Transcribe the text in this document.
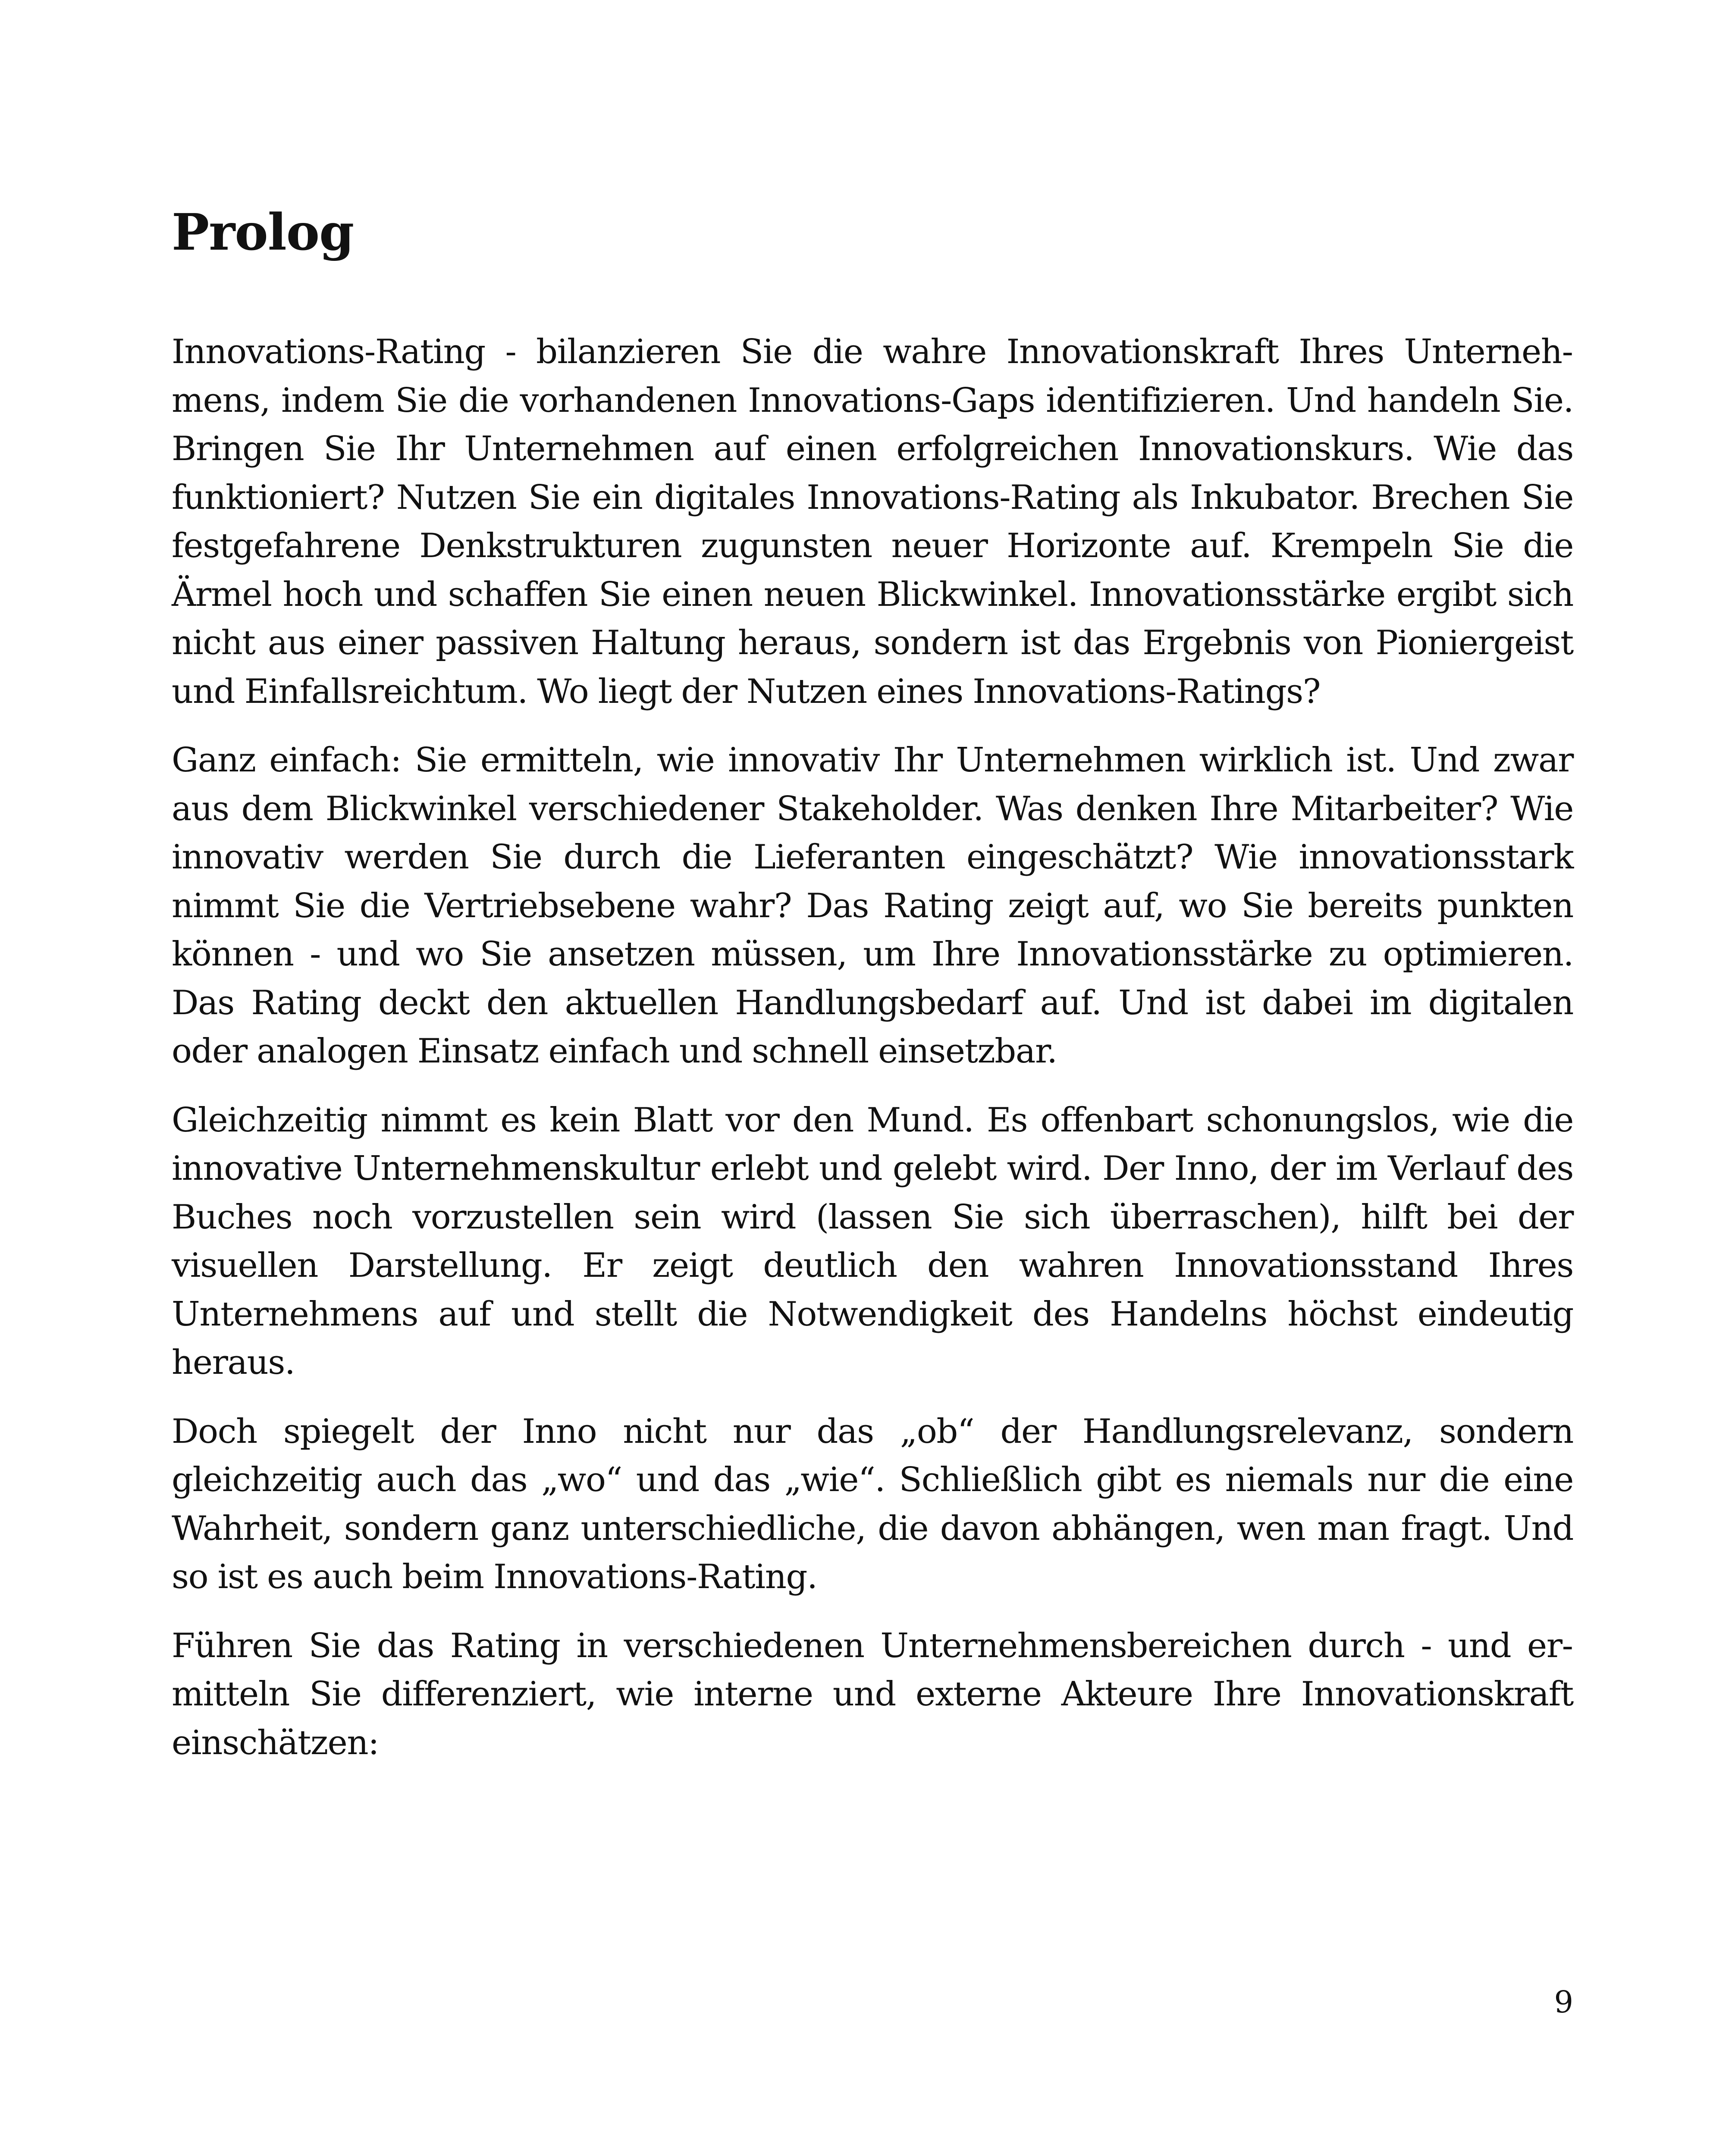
Prolog

Innovations-Rating - bilanzieren Sie die wahre Innovationskraft Ihres Unternehmens, indem Sie die vorhandenen Innovations-Gaps identifizieren. Und handeln Sie. Bringen Sie Ihr Unternehmen auf einen erfolgreichen Innovationskurs. Wie das funktioniert? Nutzen Sie ein digitales Innovations-Rating als Inkubator. Brechen Sie festgefahrene Denkstrukturen zugunsten neuer Horizonte auf. Krempeln Sie die Ärmel hoch und schaffen Sie einen neuen Blickwinkel. Innovationsstärke ergibt sich nicht aus einer passiven Haltung heraus, sondern ist das Ergebnis von Pioniergeist und Einfallsreichtum. Wo liegt der Nutzen eines Innovations-Ratings?

Ganz einfach: Sie ermitteln, wie innovativ Ihr Unternehmen wirklich ist. Und zwar aus dem Blickwinkel verschiedener Stakeholder. Was denken Ihre Mitarbeiter? Wie innovativ werden Sie durch die Lieferanten eingeschätzt? Wie innovationsstark nimmt Sie die Vertriebsebene wahr? Das Rating zeigt auf, wo Sie bereits punkten können - und wo Sie ansetzen müssen, um Ihre Innovationsstärke zu optimieren. Das Rating deckt den aktuellen Handlungsbedarf auf. Und ist dabei im digitalen oder analogen Einsatz einfach und schnell einsetzbar.

Gleichzeitig nimmt es kein Blatt vor den Mund. Es offenbart schonungslos, wie die innovative Unternehmenskultur erlebt und gelebt wird. Der Inno, der im Verlauf des Buches noch vorzustellen sein wird (lassen Sie sich überraschen), hilft bei der visuellen Darstellung. Er zeigt deutlich den wahren Innovationsstand Ihres Unternehmens auf und stellt die Notwendigkeit des Handelns höchst eindeutig heraus.

Doch spiegelt der Inno nicht nur das „ob“ der Handlungsrelevanz, sondern gleichzeitig auch das „wo“ und das „wie“. Schließlich gibt es niemals nur die eine Wahrheit, sondern ganz unterschiedliche, die davon abhängen, wen man fragt. Und so ist es auch beim Innovations-Rating.

Führen Sie das Rating in verschiedenen Unternehmensbereichen durch - und ermitteln Sie differenziert, wie interne und externe Akteure Ihre Innovationskraft einschätzen:

9
